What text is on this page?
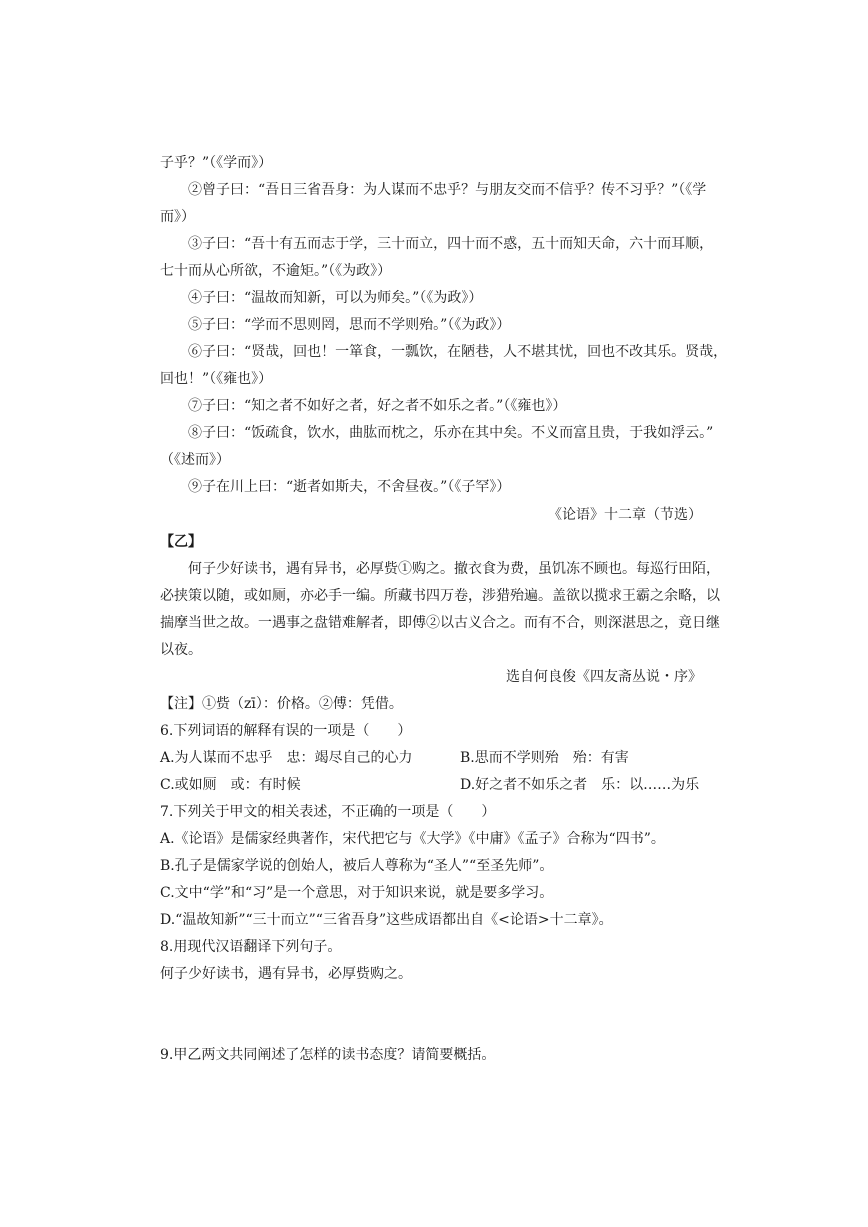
子乎？”（《学而》）
②曾子曰：“吾日三省吾身：为人谋而不忠乎？与朋友交而不信乎？传不习乎？”（《学
而》）
③子曰：“吾十有五而志于学，三十而立，四十而不惑，五十而知天命，六十而耳顺，
七十而从心所欲，不逾矩。”（《为政》）
④子曰：“温故而知新，可以为师矣。”（《为政》）
⑤子曰：“学而不思则罔，思而不学则殆。”（《为政》）
⑥子曰：“贤哉，回也！一箪食，一瓢饮，在陋巷，人不堪其忧，回也不改其乐。贤哉，
回也！”（《雍也》）
⑦子曰：“知之者不如好之者，好之者不如乐之者。”（《雍也》）
⑧子曰：“饭疏食，饮水，曲肱而枕之，乐亦在其中矣。不义而富且贵，于我如浮云。”
（《述而》）
⑨子在川上曰：“逝者如斯夫，不舍昼夜。”（《子罕》）
《论语》十二章（节选）
【乙】
何子少好读书，遇有异书，必厚赀①购之。撤衣食为费，虽饥冻不顾也。每巡行田陌，
必挟策以随，或如厕，亦必手一编。所藏书四万卷，涉猎殆遍。盖欲以揽求王霸之余略，以
揣摩当世之故。一遇事之盘错难解者，即傅②以古义合之。而有不合，则深湛思之，竟日继
以夜。
选自何良俊《四友斋丛说・序》
【注】①赀（zī）：价格。②傅：凭借。
6.下列词语的解释有误的一项是（　　）
A.为人谋而不忠乎　忠：竭尽自己的心力	B.思而不学则殆　殆：有害
C.或如厕　或：有时候	D.好之者不如乐之者　乐：以……为乐
7.下列关于甲文的相关表述，不正确的一项是（　　）
A.《论语》是儒家经典著作，宋代把它与《大学》《中庸》《孟子》合称为“四书”。
B.孔子是儒家学说的创始人，被后人尊称为“圣人”“至圣先师”。
C.文中“学”和“习”是一个意思，对于知识来说，就是要多学习。
D.“温故知新”“三十而立”“三省吾身”这些成语都出自《<论语>十二章》。
8.用现代汉语翻译下列句子。
何子少好读书，遇有异书，必厚赀购之。
9.甲乙两文共同阐述了怎样的读书态度？请简要概括。
